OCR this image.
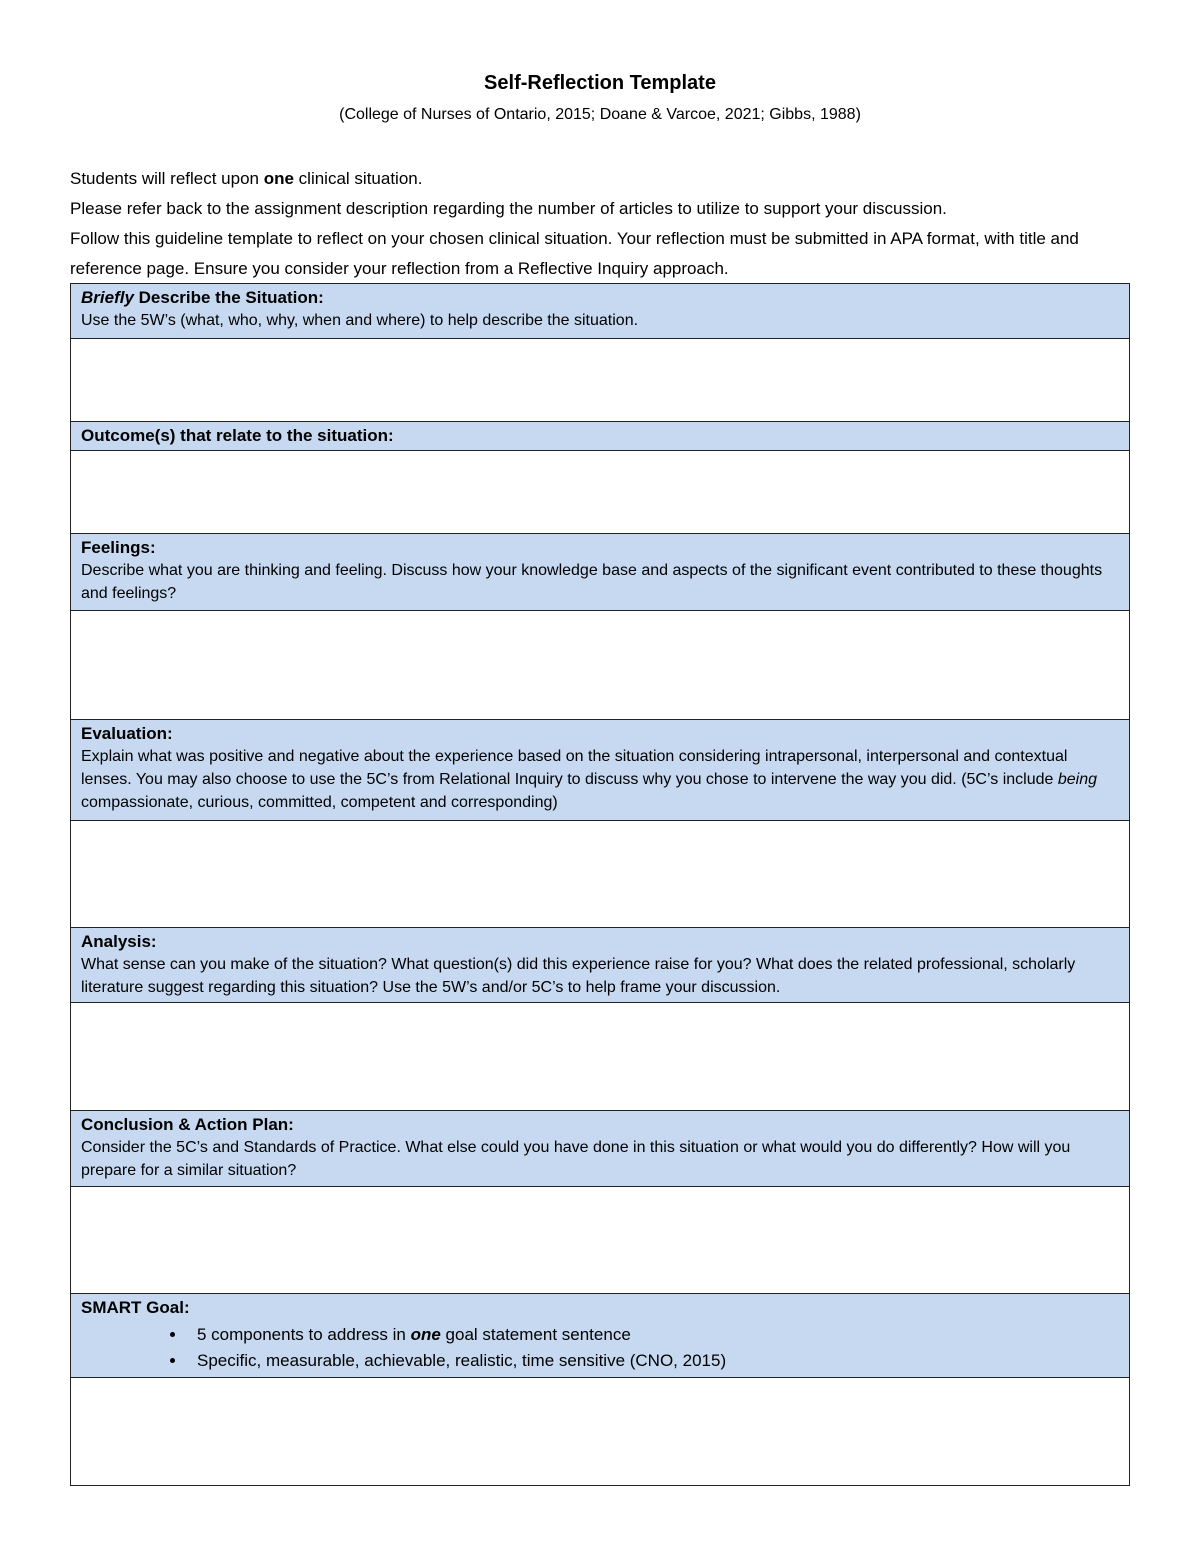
Self-Reflection Template
(College of Nurses of Ontario, 2015; Doane & Varcoe, 2021; Gibbs, 1988)

Students will reflect upon one clinical situation.

Please refer back to the assignment description regarding the number of articles to utilize to support your discussion.

Follow this guideline template to reflect on your chosen clinical situation. Your reflection must be submitted in APA format, with title and reference page. Ensure you consider your reflection from a Reflective Inquiry approach.

Briefly Describe the Situation:
Use the 5W’s (what, who, why, when and where) to help describe the situation.

Outcome(s) that relate to the situation:

Feelings:
Describe what you are thinking and feeling. Discuss how your knowledge base and aspects of the significant event contributed to these thoughts and feelings?

Evaluation:
Explain what was positive and negative about the experience based on the situation considering intrapersonal, interpersonal and contextual lenses. You may also choose to use the 5C’s from Relational Inquiry to discuss why you chose to intervene the way you did. (5C’s include being compassionate, curious, committed, competent and corresponding)

Analysis:
What sense can you make of the situation? What question(s) did this experience raise for you? What does the related professional, scholarly literature suggest regarding this situation? Use the 5W’s and/or 5C’s to help frame your discussion.

Conclusion & Action Plan:
Consider the 5C’s and Standards of Practice. What else could you have done in this situation or what would you do differently? How will you prepare for a similar situation?

SMART Goal:
• 5 components to address in one goal statement sentence
• Specific, measurable, achievable, realistic, time sensitive (CNO, 2015)
